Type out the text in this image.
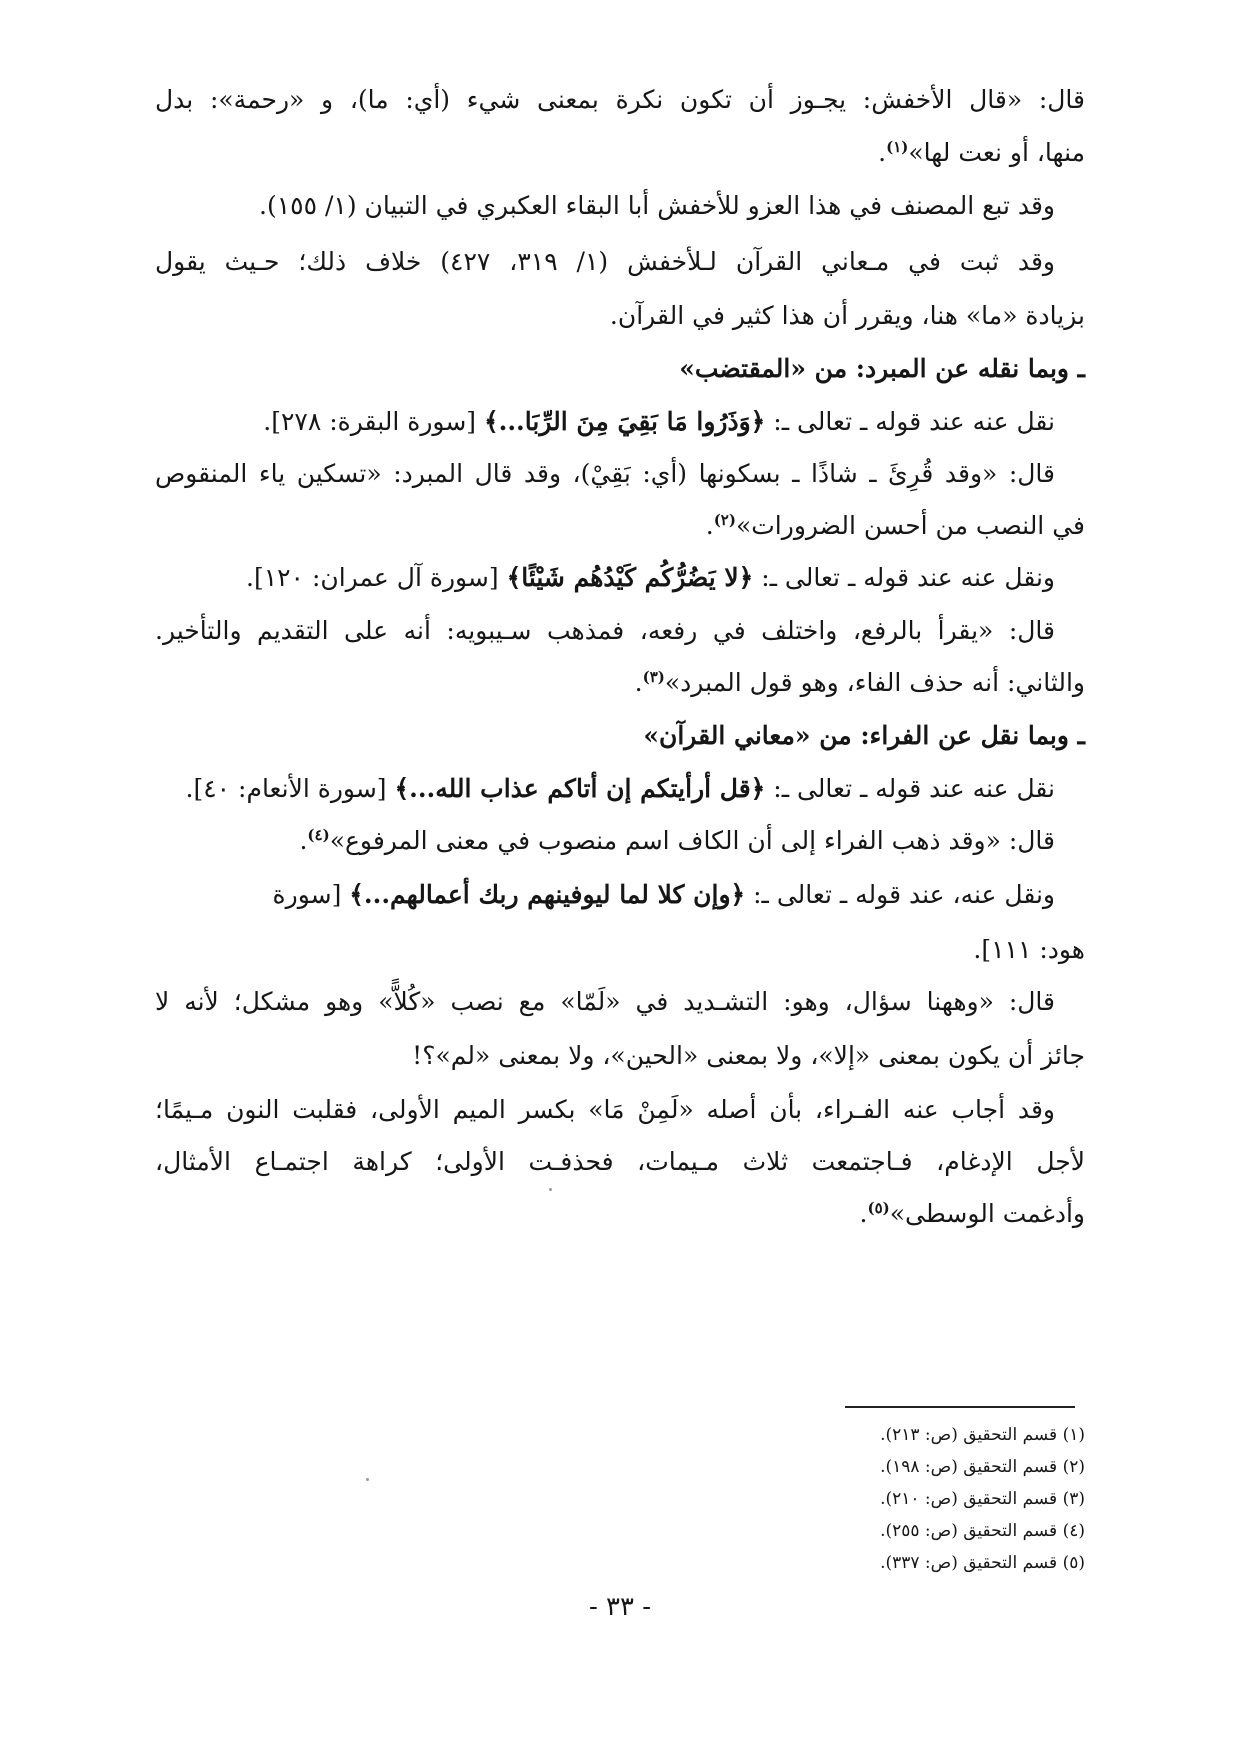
قال: «قال الأخفش: يجـوز أن تكون نكرة بمعنى شيء (أي: ما)، و «رحمة»: بدل
منها، أو نعت لها»$^{(١)}$.
وقد تبع المصنف في هذا العزو للأخفش أبا البقاء العكبري في التبيان (١/ ١٥٥).
وقد ثبت في مـعاني القرآن لـلأخفش (١/ ٣١٩، ٤٢٧) خلاف ذلك؛ حـيث يقول
بزيادة «ما» هنا، ويقرر أن هذا كثير في القرآن.
ـ وبما نقله عن المبرد: من «المقتضب»
نقل عنه عند قوله ـ تعالى ـ: ﴿وَذَرُوا مَا بَقِيَ مِنَ الرِّبَا...﴾ [سورة البقرة: ٢٧٨].
قال: «وقد قُرِئَ ـ شاذًا ـ بسكونها (أي: بَقِيْ)، وقد قال المبرد: «تسكين ياء المنقوص
في النصب من أحسن الضرورات»$^{(٢)}$.
ونقل عنه عند قوله ـ تعالى ـ: ﴿لا يَضُرُّكُم كَيْدُهُم شَيْئًا﴾ [سورة آل عمران: ١٢٠].
قال: «يقرأ بالرفع، واختلف في رفعه، فمذهب سـيبويه: أنه على التقديم والتأخير.
والثاني: أنه حذف الفاء، وهو قول المبرد»$^{(٣)}$.
ـ وبما نقل عن الفراء: من «معاني القرآن»
نقل عنه عند قوله ـ تعالى ـ: ﴿قل أرأيتكم إن أتاكم عذاب الله...﴾ [سورة الأنعام: ٤٠].
قال: «وقد ذهب الفراء إلى أن الكاف اسم منصوب في معنى المرفوع»$^{(٤)}$.
ونقل عنه، عند قوله ـ تعالى ـ: ﴿وإن كلا لما ليوفينهم ربك أعمالهم...﴾ [سورة
هود: ١١١].
قال: «وههنا سؤال، وهو: التشـديد في «لَمّا» مع نصب «كُلاًّ» وهو مشكل؛ لأنه لا
جائز أن يكون بمعنى «إلا»، ولا بمعنى «الحين»، ولا بمعنى «لم»؟!
وقد أجاب عنه الفـراء، بأن أصله «لَمِنْ مَا» بكسر الميم الأولى، فقلبت النون مـيمًا؛
لأجل الإدغام، فـاجتمعت ثلاث مـيمات، فحذفـت الأولى؛ كراهة اجتمـاع الأمثال،
وأدغمت الوسطى»$^{(٥)}$.
(١) قسم التحقيق (ص: ٢١٣).
(٢) قسم التحقيق (ص: ١٩٨).
(٣) قسم التحقيق (ص: ٢١٠).
(٤) قسم التحقيق (ص: ٢٥٥).
(٥) قسم التحقيق (ص: ٣٣٧).
- ٣٣ -
